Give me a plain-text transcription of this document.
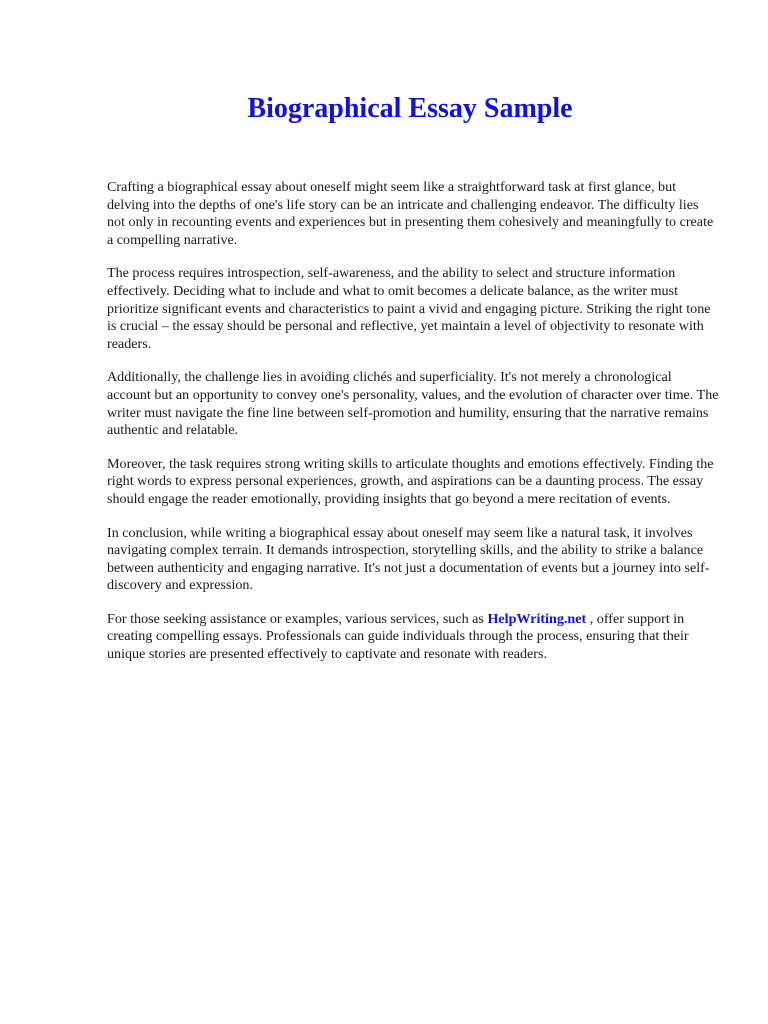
Biographical Essay Sample

Crafting a biographical essay about oneself might seem like a straightforward task at first glance, but delving into the depths of one's life story can be an intricate and challenging endeavor. The difficulty lies not only in recounting events and experiences but in presenting them cohesively and meaningfully to create a compelling narrative.

The process requires introspection, self-awareness, and the ability to select and structure information effectively. Deciding what to include and what to omit becomes a delicate balance, as the writer must prioritize significant events and characteristics to paint a vivid and engaging picture. Striking the right tone is crucial – the essay should be personal and reflective, yet maintain a level of objectivity to resonate with readers.

Additionally, the challenge lies in avoiding clichés and superficiality. It's not merely a chronological account but an opportunity to convey one's personality, values, and the evolution of character over time. The writer must navigate the fine line between self-promotion and humility, ensuring that the narrative remains authentic and relatable.

Moreover, the task requires strong writing skills to articulate thoughts and emotions effectively. Finding the right words to express personal experiences, growth, and aspirations can be a daunting process. The essay should engage the reader emotionally, providing insights that go beyond a mere recitation of events.

In conclusion, while writing a biographical essay about oneself may seem like a natural task, it involves navigating complex terrain. It demands introspection, storytelling skills, and the ability to strike a balance between authenticity and engaging narrative. It's not just a documentation of events but a journey into self-discovery and expression.

For those seeking assistance or examples, various services, such as HelpWriting.net , offer support in creating compelling essays. Professionals can guide individuals through the process, ensuring that their unique stories are presented effectively to captivate and resonate with readers.
